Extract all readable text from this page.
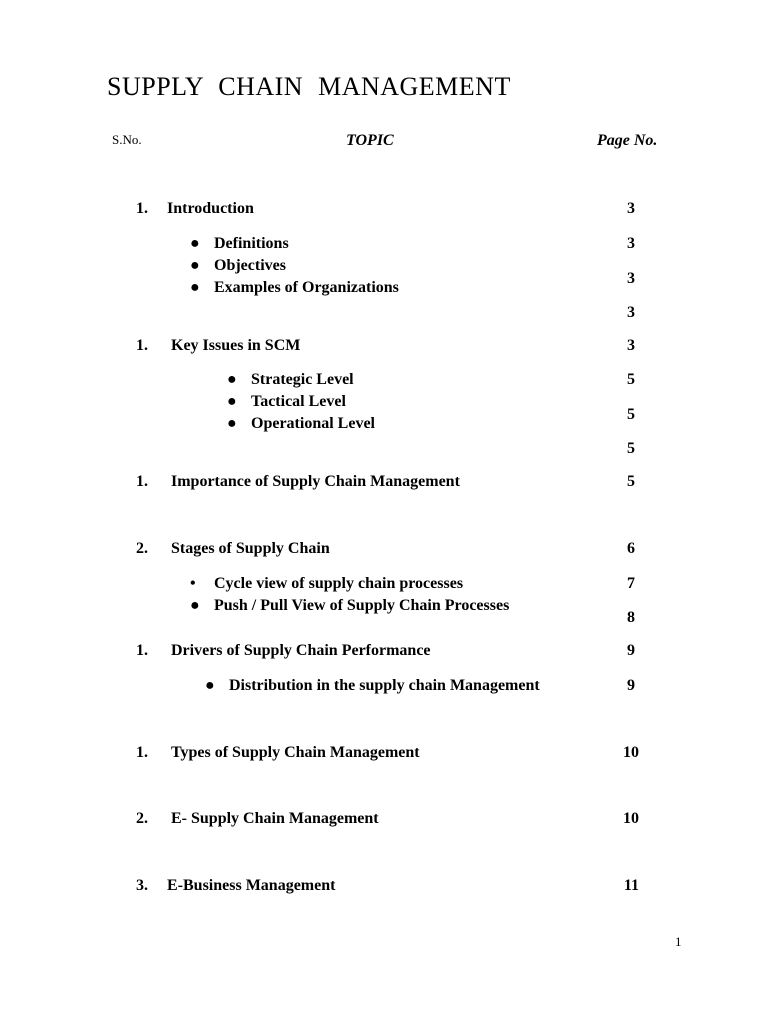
SUPPLY CHAIN MANAGEMENT
S.No.	TOPIC	Page No.
1. Introduction
● Definitions
● Objectives
● Examples of Organizations
1. Key Issues in SCM
● Strategic Level
● Tactical Level
● Operational Level
1. Importance of Supply Chain Management
2. Stages of Supply Chain
• Cycle view of supply chain processes
● Push / Pull View of Supply Chain Processes
1. Drivers of Supply Chain Performance
● Distribution in the supply chain Management
1. Types of Supply Chain Management
2. E- Supply Chain Management
3. E-Business Management
3
3
3
3
3
5
5
5
5
6
7
8
9
9
10
10
11
1
